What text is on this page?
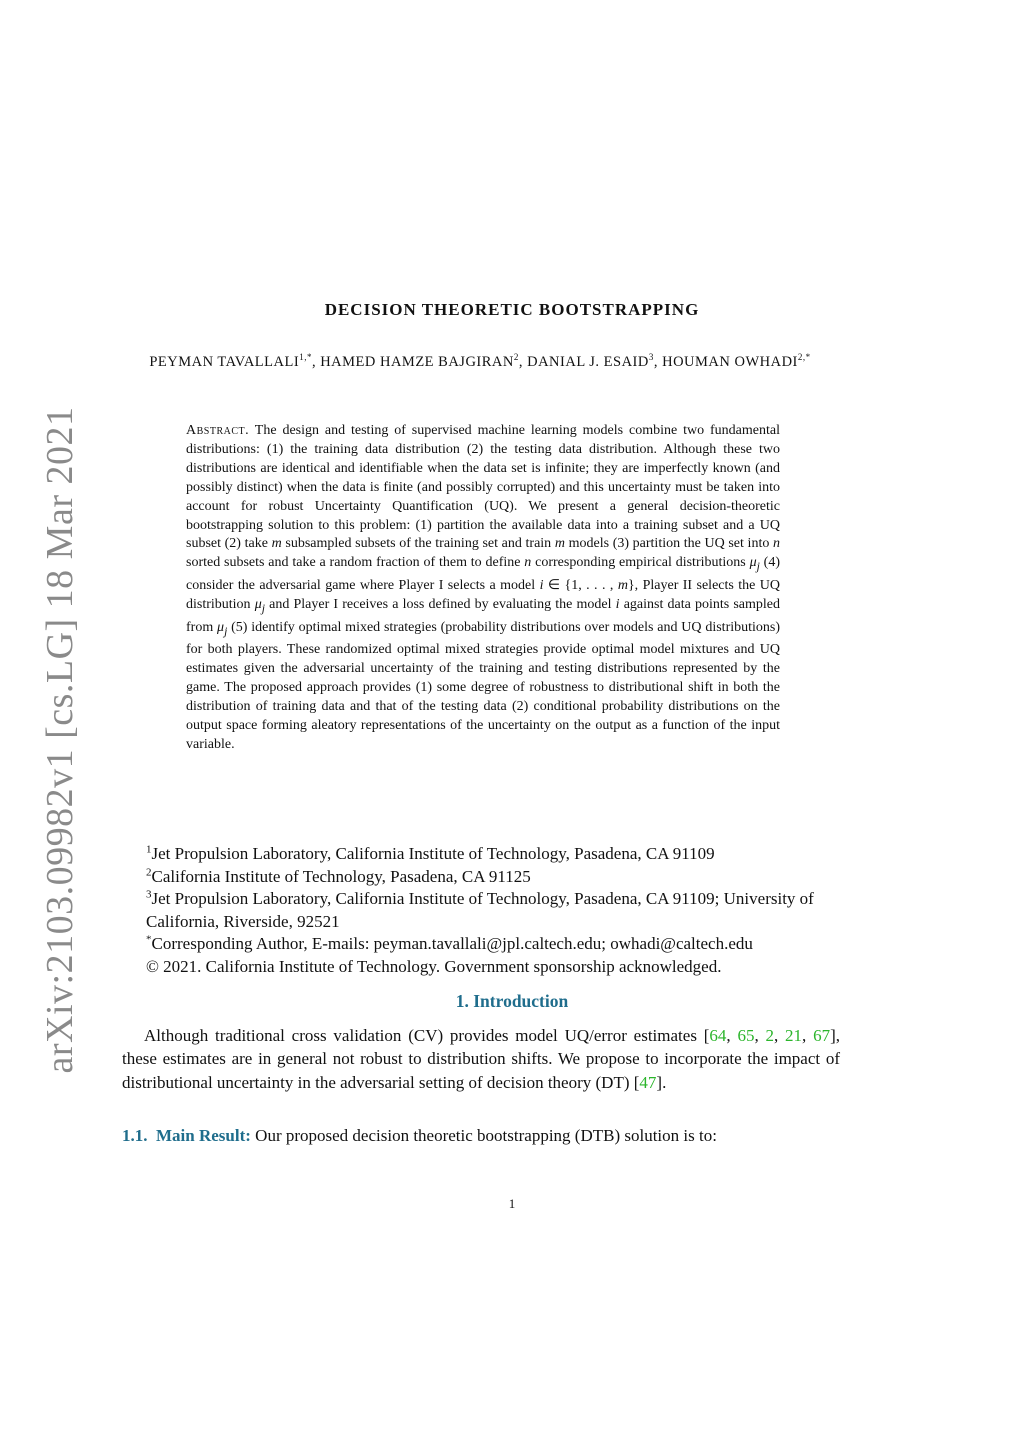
arXiv:2103.09982v1 [cs.LG] 18 Mar 2021
DECISION THEORETIC BOOTSTRAPPING
PEYMAN $TAVALLALI^{1,*}$, HAMED HAMZE BAJGIRAN$^2$, DANIAL J. ESAID$^3$, HOUMAN $OWHADI^{2,*}$
Abstract. The design and testing of supervised machine learning models combine two fundamental distributions: (1) the training data distribution (2) the testing data distribution. Although these two distributions are identical and identifiable when the data set is infinite; they are imperfectly known (and possibly distinct) when the data is finite (and possibly corrupted) and this uncertainty must be taken into account for robust Uncertainty Quantification (UQ). We present a general decision-theoretic bootstrapping solution to this problem: (1) partition the available data into a training subset and a UQ subset (2) take m subsampled subsets of the training set and train m models (3) partition the UQ set into n sorted subsets and take a random fraction of them to define n corresponding empirical distributions $\mu_j$ (4) consider the adversarial game where Player I selects a model i ∈ {1, . . . , m}, Player II selects the UQ distribution $\mu_j$ and Player I receives a loss defined by evaluating the model i against data points sampled from $\mu_j$ (5) identify optimal mixed strategies (probability distributions over models and UQ distributions) for both players. These randomized optimal mixed strategies provide optimal model mixtures and UQ estimates given the adversarial uncertainty of the training and testing distributions represented by the game. The proposed approach provides (1) some degree of robustness to distributional shift in both the distribution of training data and that of the testing data (2) conditional probability distributions on the output space forming aleatory representations of the uncertainty on the output as a function of the input variable.

$^1$Jet Propulsion Laboratory, California Institute of Technology, Pasadena, CA 91109

$^2$California Institute of Technology, Pasadena, CA 91125

$^3$Jet Propulsion Laboratory, California Institute of Technology, Pasadena, CA 91109; University of California, Riverside, 92521

*Corresponding Author, E-mails: peyman.tavallali@jpl.caltech.edu; owhadi@caltech.edu

© 2021. California Institute of Technology. Government sponsorship acknowledged.

1. Introduction

Although traditional cross validation (CV) provides model UQ/error estimates [64, 65, 2, 21, 67], these estimates are in general not robust to distribution shifts. We propose to incorporate the impact of distributional uncertainty in the adversarial setting of decision theory (DT) [47].

1.1. Main Result: Our proposed decision theoretic bootstrapping (DTB) solution is to:

1
